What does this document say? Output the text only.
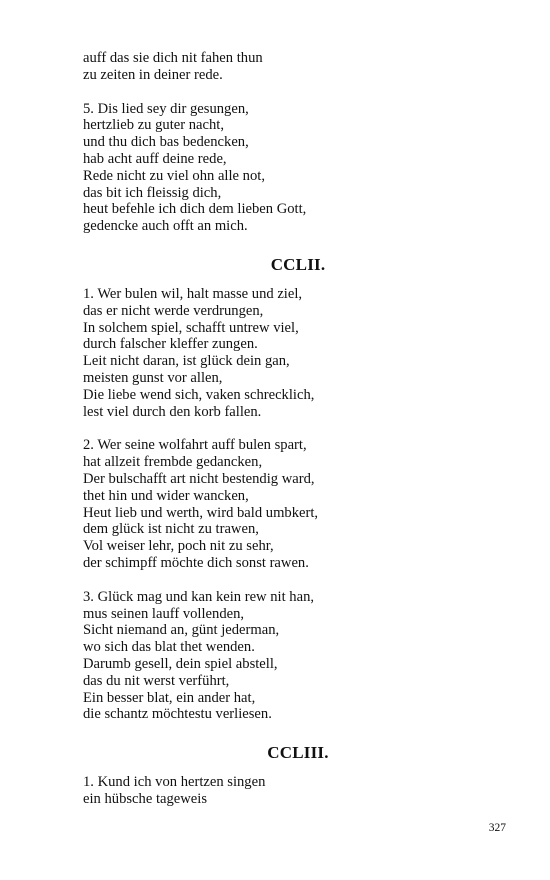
auff das sie dich nit fahen thun
zu zeiten in deiner rede.
5. Dis lied sey dir gesungen,
hertzlieb zu guter nacht,
und thu dich bas bedencken,
hab acht auff deine rede,
Rede nicht zu viel ohn alle not,
das bit ich fleissig dich,
heut befehle ich dich dem lieben Gott,
gedencke auch offt an mich.
CCLII.
1. Wer bulen wil, halt masse und ziel,
das er nicht werde verdrungen,
In solchem spiel, schafft untrew viel,
durch falscher kleffer zungen.
Leit nicht daran, ist glück dein gan,
meisten gunst vor allen,
Die liebe wend sich, vaken schrecklich,
lest viel durch den korb fallen.
2. Wer seine wolfahrt auff bulen spart,
hat allzeit frembde gedancken,
Der bulschafft art nicht bestendig ward,
thet hin und wider wancken,
Heut lieb und werth, wird bald umbkert,
dem glück ist nicht zu trawen,
Vol weiser lehr, poch nit zu sehr,
der schimpff möchte dich sonst rawen.
3. Glück mag und kan kein rew nit han,
mus seinen lauff vollenden,
Sicht niemand an, günt jederman,
wo sich das blat thet wenden.
Darumb gesell, dein spiel abstell,
das du nit werst verführt,
Ein besser blat, ein ander hat,
die schantz möchtestu verliesen.
CCLIII.
1. Kund ich von hertzen singen
ein hübsche tageweis
327
